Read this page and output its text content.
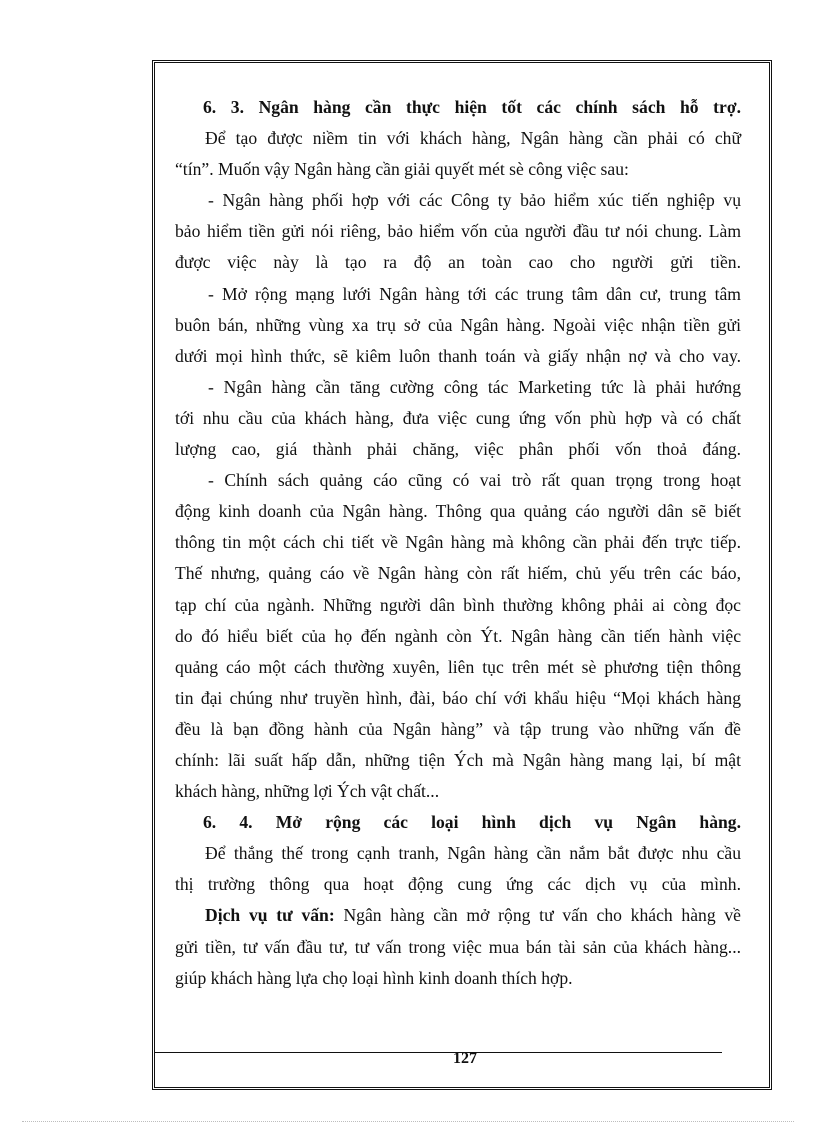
6. 3. Ngân hàng cần thực hiện tốt các chính sách hỗ trợ.
Để tạo được niềm tin với khách hàng, Ngân hàng cần phải có chữ
“tín”. Muốn vậy Ngân hàng cần giải quyết mét sè công việc sau:
- Ngân hàng phối hợp với các Công ty bảo hiểm xúc tiến nghiệp vụ
bảo hiểm tiền gửi nói riêng, bảo hiểm vốn của người đầu tư nói chung. Làm
được việc này là tạo ra độ an toàn cao cho người gửi tiền.
- Mở rộng mạng lưới Ngân hàng tới các trung tâm dân cư, trung tâm
buôn bán, những vùng xa trụ sở của Ngân hàng. Ngoài việc nhận tiền gửi
dưới mọi hình thức, sẽ kiêm luôn thanh toán và giấy nhận nợ và cho vay.
- Ngân hàng cần tăng cường công tác Marketing tức là phải hướng
tới nhu cầu của khách hàng, đưa việc cung ứng vốn phù hợp và có chất
lượng cao, giá thành phải chăng, việc phân phối vốn thoả đáng.
- Chính sách quảng cáo cũng có vai trò rất quan trọng trong hoạt
động kinh doanh của Ngân hàng. Thông qua quảng cáo người dân sẽ biết
thông tin một cách chi tiết về Ngân hàng mà không cần phải đến trực tiếp.
Thế nhưng, quảng cáo về Ngân hàng còn rất hiếm, chủ yếu trên các báo,
tạp chí của ngành. Những người dân bình thường không phải ai còng đọc
do đó hiểu biết của họ đến ngành còn Ýt. Ngân hàng cần tiến hành việc
quảng cáo một cách thường xuyên, liên tục trên mét sè phương tiện thông
tin đại chúng như truyền hình, đài, báo chí với khẩu hiệu “Mọi khách hàng
đều là bạn đồng hành của Ngân hàng” và tập trung vào những vấn đề
chính: lãi suất hấp dẫn, những tiện Ých mà Ngân hàng mang lại, bí mật
khách hàng, những lợi Ých vật chất...
6. 4. Mở rộng các loại hình dịch vụ Ngân hàng.
Để thắng thế trong cạnh tranh, Ngân hàng cần nắm bắt được nhu cầu
thị trường thông qua hoạt động cung ứng các dịch vụ của mình.
Dịch vụ tư vấn: Ngân hàng cần mở rộng tư vấn cho khách hàng về
gửi tiền, tư vấn đầu tư, tư vấn trong việc mua bán tài sản của khách hàng...
giúp khách hàng lựa chọ loại hình kinh doanh thích hợp.
127
